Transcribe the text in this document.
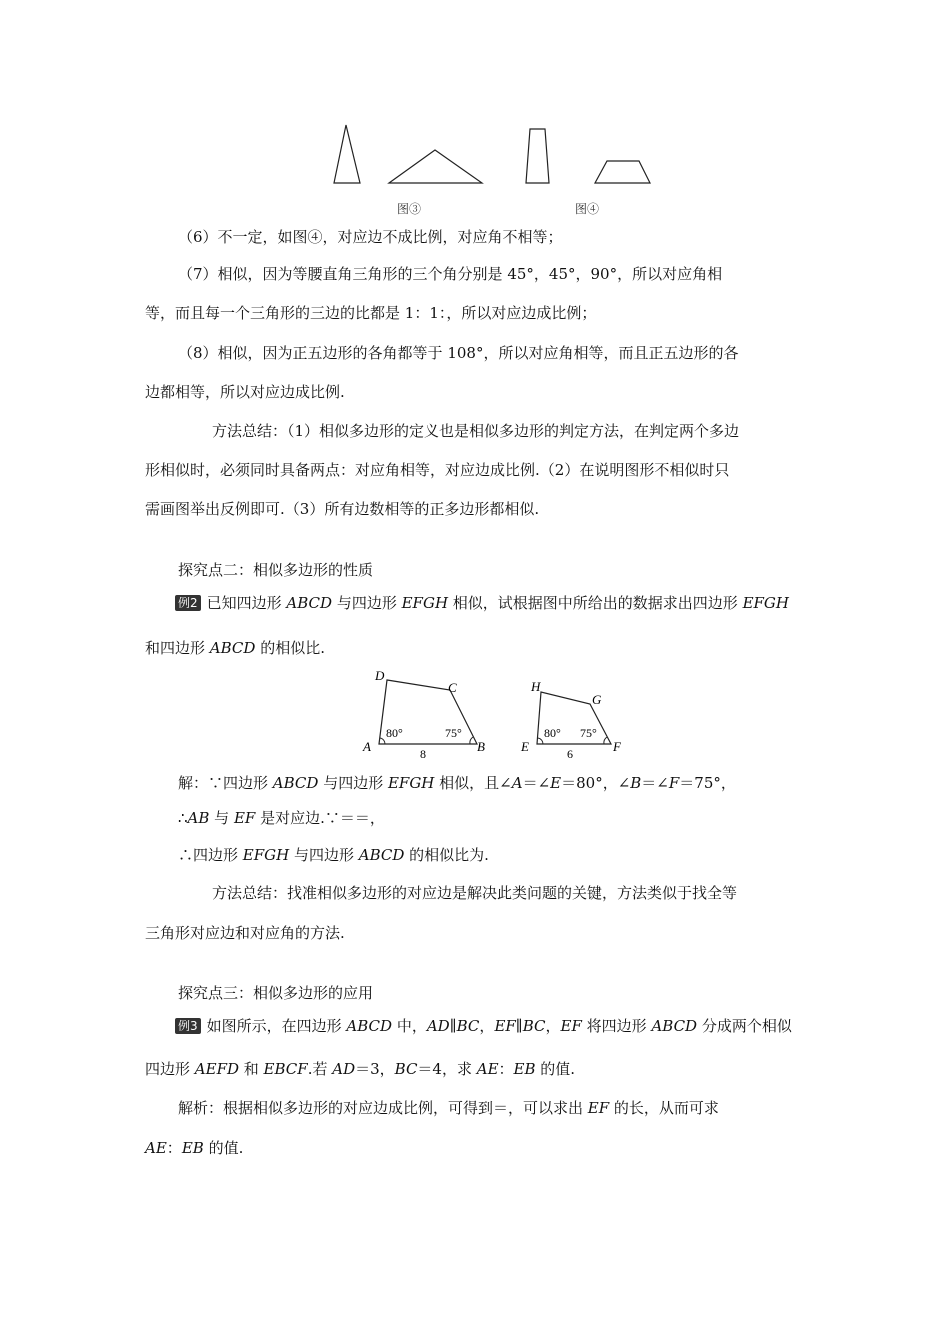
图③	图④
（6）不一定，如图④，对应边不成比例，对应角不相等；
（7）相似，因为等腰直角三角形的三个角分别是 45°，45°，90°，所以对应角相
等，而且每一个三角形的三边的比都是 1：1：，所以对应边成比例；
（8）相似，因为正五边形的各角都等于 108°，所以对应角相等，而且正五边形的各
边都相等，所以对应边成比例.
方法总结：（1）相似多边形的定义也是相似多边形的判定方法，在判定两个多边
形相似时，必须同时具备两点：对应角相等，对应边成比例.（2）在说明图形不相似时只
需画图举出反例即可.（3）所有边数相等的正多边形都相似.
探究点二：相似多边形的性质
例2 已知四边形 ABCD 与四边形 EFGH 相似，试根据图中所给出的数据求出四边形 EFGH
和四边形 ABCD 的相似比.
D
C
A	B
80°	75°
8
H
G
E	F
80° 75°
6
解：∵四边形 ABCD 与四边形 EFGH 相似，且∠A＝∠E＝80°，∠B＝∠F＝75°，
∴AB 与 EF 是对应边.∵＝＝，
∴四边形 EFGH 与四边形 ABCD 的相似比为.
方法总结：找准相似多边形的对应边是解决此类问题的关键，方法类似于找全等
三角形对应边和对应角的方法.
探究点三：相似多边形的应用
例3 如图所示，在四边形 ABCD 中，AD∥BC，EF∥BC，EF 将四边形 ABCD 分成两个相似
四边形 AEFD 和 EBCF.若 AD＝3，BC＝4，求 AE：EB 的值.
解析：根据相似多边形的对应边成比例，可得到＝，可以求出 EF 的长，从而可求
AE：EB 的值.
